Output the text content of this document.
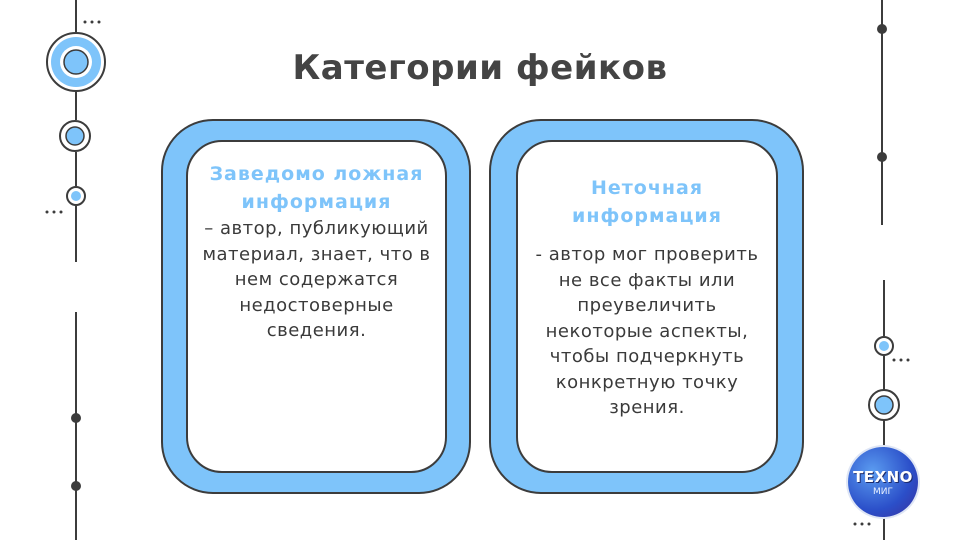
Категории фейков
Заведомо ложная информация
– автор, публикующий материал, знает, что в нем содержатся недостоверные сведения.
Неточная информация
- автор мог проверить не все факты или преувеличить некоторые аспекты, чтобы подчеркнуть конкретную точку зрения.
TEXNO
МИГ
